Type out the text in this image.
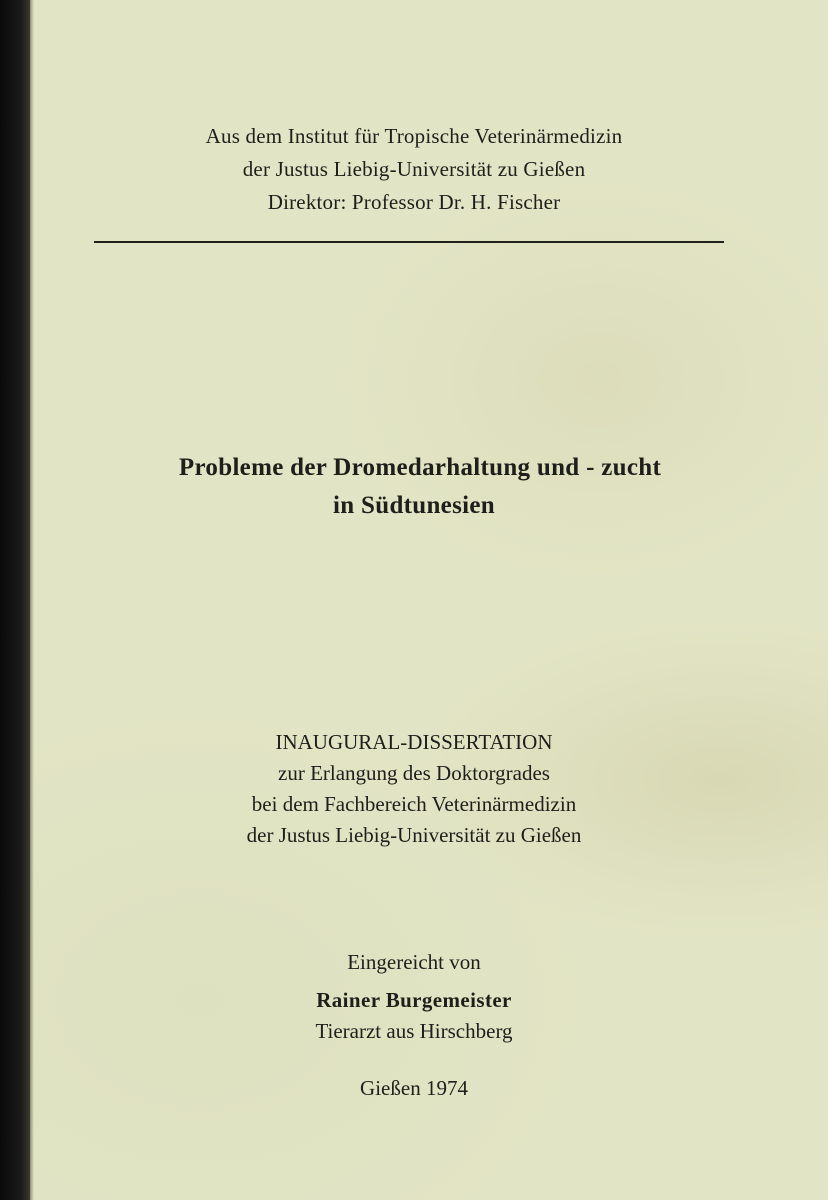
Aus dem Institut für Tropische Veterinärmedizin
der Justus Liebig-Universität zu Gießen
Direktor: Professor Dr. H. Fischer
Probleme der Dromedarhaltung und - zucht
in Südtunesien
INAUGURAL-DISSERTATION
zur Erlangung des Doktorgrades
bei dem Fachbereich Veterinärmedizin
der Justus Liebig-Universität zu Gießen
Eingereicht von
Rainer Burgemeister
Tierarzt aus Hirschberg
Gießen 1974
